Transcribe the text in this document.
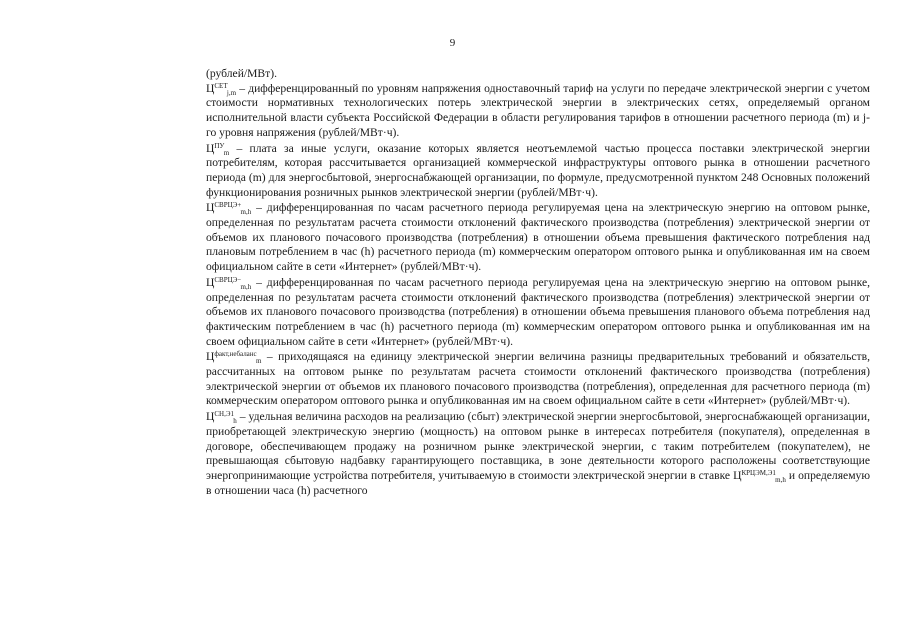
9

(рублей/МВт).

$Ц^{СЕТ}_{j,m}$ – дифференцированный по уровням напряжения одноставочный тариф на услуги по передаче электрической энергии с учетом стоимости нормативных технологических потерь электрической энергии в электрических сетях, определяемый органом исполнительной власти субъекта Российской Федерации в области регулирования тарифов в отношении расчетного периода (m) и j-го уровня напряжения (рублей/МВт·ч).

$Ц^{ПУ}_m$ – плата за иные услуги, оказание которых является неотъемлемой частью процесса поставки электрической энергии потребителям, которая рассчитывается организацией коммерческой инфраструктуры оптового рынка в отношении расчетного периода (m) для энергосбытовой, энергоснабжающей организации, по формуле, предусмотренной пунктом 248 Основных положений функционирования розничных рынков электрической энергии (рублей/МВт·ч).

$Ц^{СВРЦЭ+}_{m,h}$ – дифференцированная по часам расчетного периода регулируемая цена на электрическую энергию на оптовом рынке, определенная по результатам расчета стоимости отклонений фактического производства (потребления) электрической энергии от объемов их планового почасового производства (потребления) в отношении объема превышения фактического потребления над плановым потреблением в час (h) расчетного периода (m) коммерческим оператором оптового рынка и опубликованная им на своем официальном сайте в сети «Интернет» (рублей/МВт·ч).

$Ц^{СВРЦЭ-}_{m,h}$ – дифференцированная по часам расчетного периода регулируемая цена на электрическую энергию на оптовом рынке, определенная по результатам расчета стоимости отклонений фактического производства (потребления) электрической энергии от объемов их планового почасового производства (потребления) в отношении объема превышения планового объема потребления над фактическим потреблением в час (h) расчетного периода (m) коммерческим оператором оптового рынка и опубликованная им на своем официальном сайте в сети «Интернет» (рублей/МВт·ч).

$Ц^{факт,небаланс}_m$ – приходящаяся на единицу электрической энергии величина разницы предварительных требований и обязательств, рассчитанных на оптовом рынке по результатам расчета стоимости отклонений фактического производства (потребления) электрической энергии от объемов их планового почасового производства (потребления), определенная для расчетного периода (m) коммерческим оператором оптового рынка и опубликованная им на своем официальном сайте в сети «Интернет» (рублей/МВт·ч).

$Ц^{СН,Э1}_h$ – удельная величина расходов на реализацию (сбыт) электрической энергии энергосбытовой, энергоснабжающей организации, приобретающей электрическую энергию (мощность) на оптовом рынке в интересах потребителя (покупателя), определенная в договоре, обеспечивающем продажу на розничном рынке электрической энергии, с таким потребителем (покупателем), не превышающая сбытовую надбавку гарантирующего поставщика, в зоне деятельности которого расположены соответствующие энергопринимающие устройства потребителя, учитываемую в стоимости электрической энергии в ставке $Ц^{КРЦЭМ,Э1}_{m,h}$ и определяемую в отношении часа (h) расчетного
